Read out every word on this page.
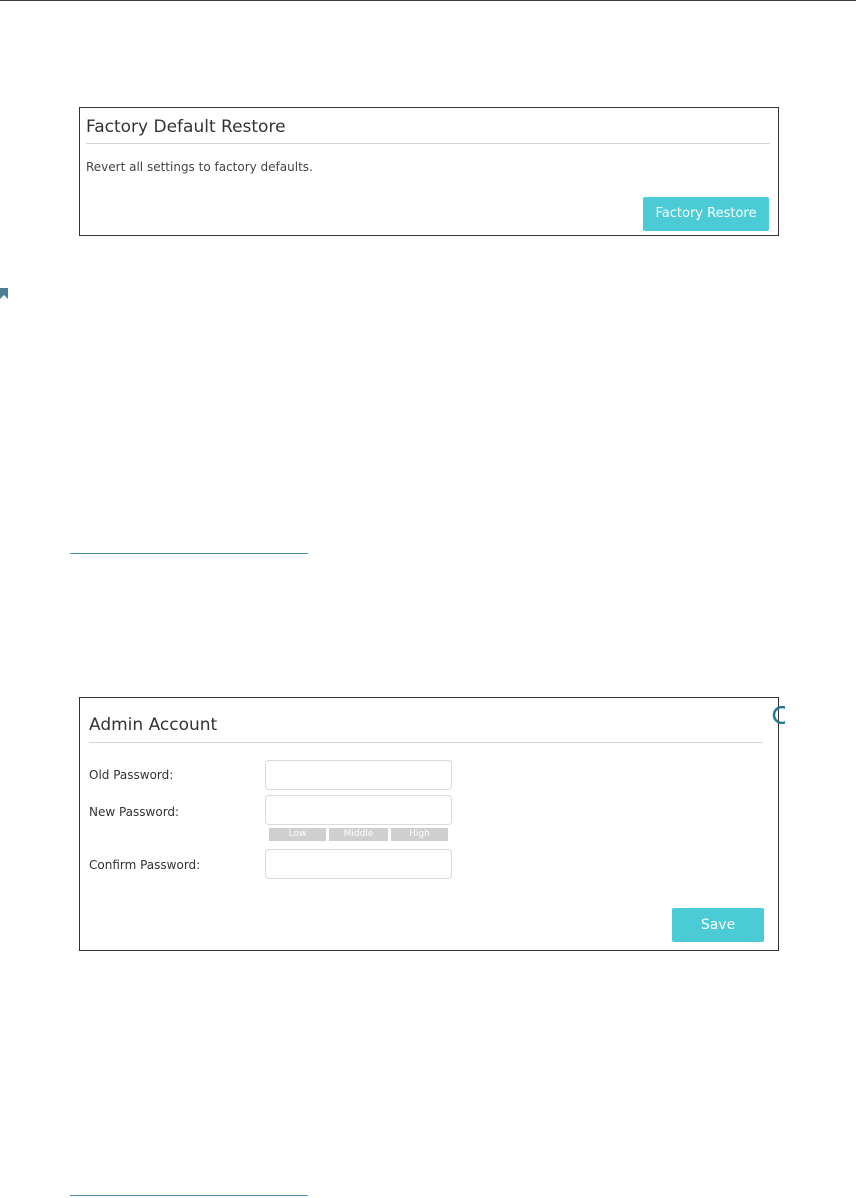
Factory Default Restore
Revert all settings to factory defaults.
Factory Restore
Admin Account
Old Password:
New Password:
Low	Middle	High
Confirm Password:
Save
